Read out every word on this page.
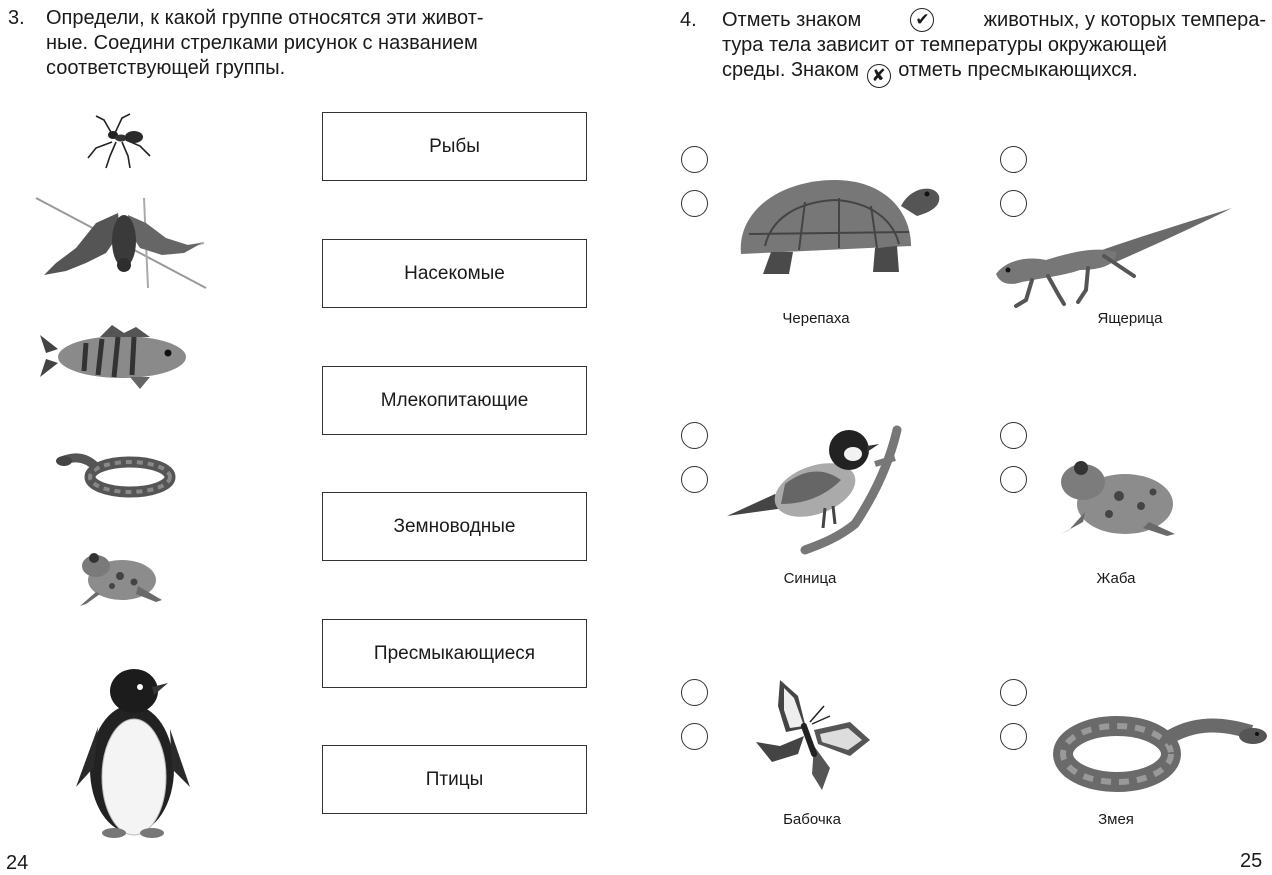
3. Определи, к какой группе относятся эти живот-
ные. Соедини стрелками рисунок с названием
соответствующей группы.
Рыбы
Насекомые
Млекопитающие
Земноводные
Пресмыкающиеся
Птицы
24
4. Отметь знаком	✔	животных, у которых темпера-
тура тела зависит от температуры окружающей
среды. Знаком ✘ отметь пресмыкающихся.
Черепаха	Ящерица
Синица	Жаба
Бабочка	Змея
25
